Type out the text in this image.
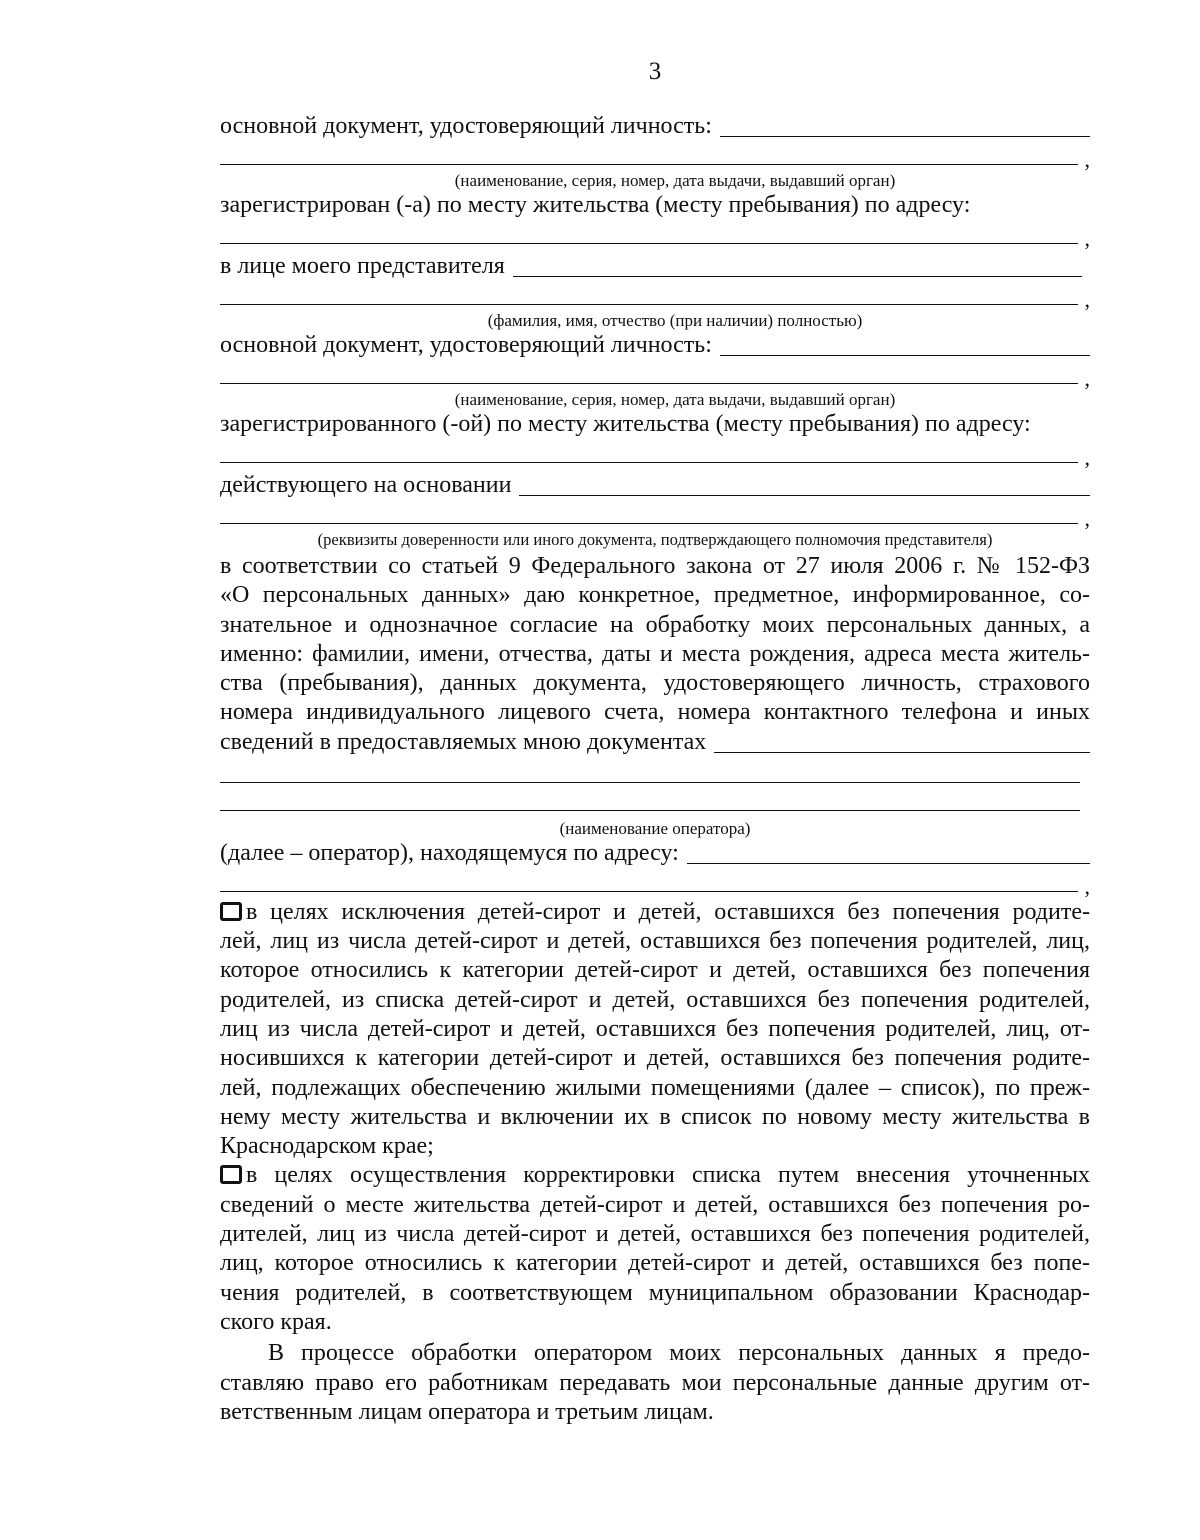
3
основной документ, удостоверяющий личность:
,
(наименование, серия, номер, дата выдачи, выдавший орган)
зарегистрирован (-а) по месту жительства (месту пребывания) по адресу:
,
в лице моего представителя
,
(фамилия, имя, отчество (при наличии) полностью)
основной документ, удостоверяющий личность:
,
(наименование, серия, номер, дата выдачи, выдавший орган)
зарегистрированного (-ой) по месту жительства (месту пребывания) по адресу:
,
действующего на основании
,
(реквизиты доверенности или иного документа, подтверждающего полномочия представителя)
в соответствии со статьей 9 Федерального закона от 27 июля 2006 г. № 152-ФЗ
«О персональных данных» даю конкретное, предметное, информированное, со-
знательное и однозначное согласие на обработку моих персональных данных, а
именно: фамилии, имени, отчества, даты и места рождения, адреса места житель-
ства (пребывания), данных документа, удостоверяющего личность, страхового
номера индивидуального лицевого счета, номера контактного телефона и иных
сведений в предоставляемых мною документах
(наименование оператора)
(далее – оператор), находящемуся по адресу:
,
в целях исключения детей-сирот и детей, оставшихся без попечения родите-
лей, лиц из числа детей-сирот и детей, оставшихся без попечения родителей, лиц,
которое относились к категории детей-сирот и детей, оставшихся без попечения
родителей, из списка детей-сирот и детей, оставшихся без попечения родителей,
лиц из числа детей-сирот и детей, оставшихся без попечения родителей, лиц, от-
носившихся к категории детей-сирот и детей, оставшихся без попечения родите-
лей, подлежащих обеспечению жилыми помещениями (далее – список), по преж-
нему месту жительства и включении их в список по новому месту жительства в
Краснодарском крае;
в целях осуществления корректировки списка путем внесения уточненных
сведений о месте жительства детей-сирот и детей, оставшихся без попечения ро-
дителей, лиц из числа детей-сирот и детей, оставшихся без попечения родителей,
лиц, которое относились к категории детей-сирот и детей, оставшихся без попе-
чения родителей, в соответствующем муниципальном образовании Краснодар-
ского края.
В процессе обработки оператором моих персональных данных я предо-
ставляю право его работникам передавать мои персональные данные другим от-
ветственным лицам оператора и третьим лицам.
